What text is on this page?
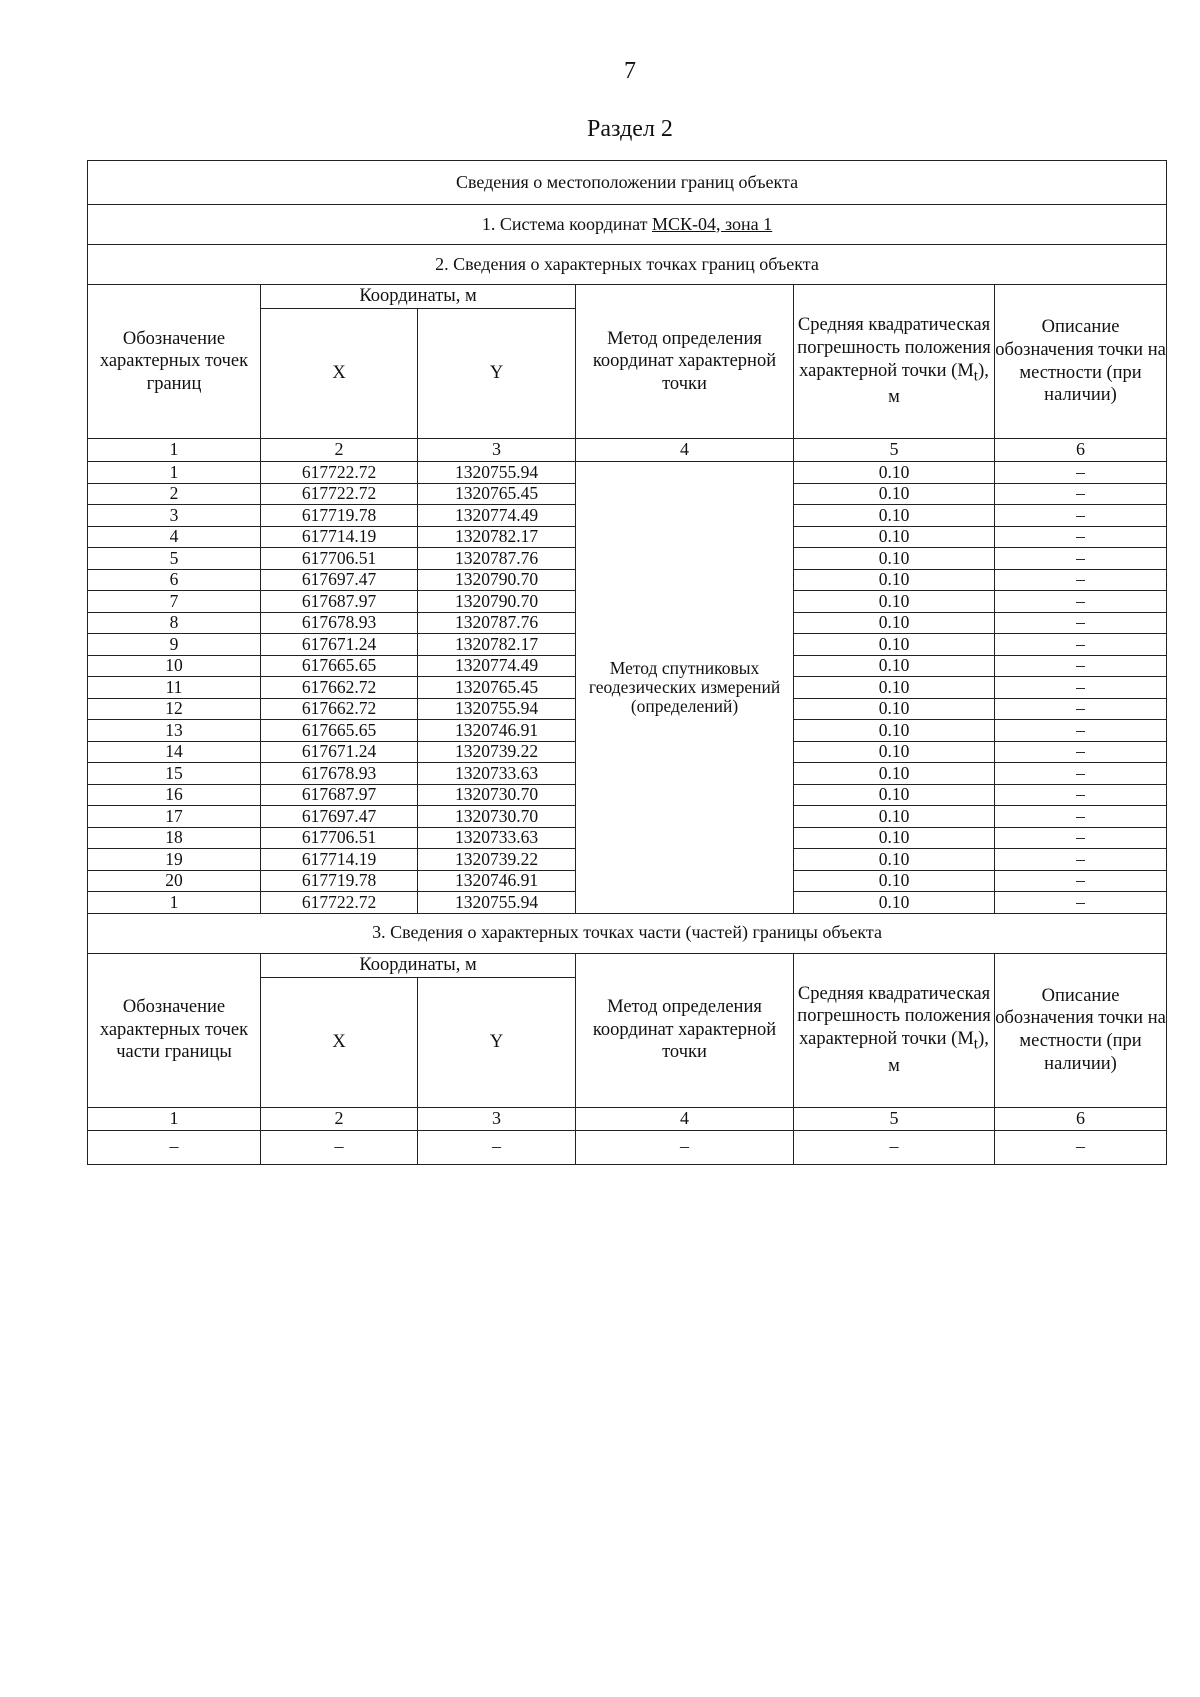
7
Раздел 2
Сведения о местоположении границ объекта					
1. Система координат МСК-04, зона 1					
2. Сведения о характерных точках границ объекта					
Обозначение характерных точек границ	Координаты, м		Метод определения координат характерной точки	Средняя квадратическая погрешность положения характерной точки $(M_t)$, м	Описание обозначения точки на местности (при наличии)
	X	Y			
1	2	3	4	5	6
1	617722.72	1320755.94	Метод спутниковых геодезических измерений (определений)	0.10	–
2	617722.72	1320765.45		0.10	–
3	617719.78	1320774.49		0.10	–
4	617714.19	1320782.17		0.10	–
5	617706.51	1320787.76		0.10	–
6	617697.47	1320790.70		0.10	–
7	617687.97	1320790.70		0.10	–
8	617678.93	1320787.76		0.10	–
9	617671.24	1320782.17		0.10	–
10	617665.65	1320774.49		0.10	–
11	617662.72	1320765.45		0.10	–
12	617662.72	1320755.94		0.10	–
13	617665.65	1320746.91		0.10	–
14	617671.24	1320739.22		0.10	–
15	617678.93	1320733.63		0.10	–
16	617687.97	1320730.70		0.10	–
17	617697.47	1320730.70		0.10	–
18	617706.51	1320733.63		0.10	–
19	617714.19	1320739.22		0.10	–
20	617719.78	1320746.91		0.10	–
1	617722.72	1320755.94		0.10	–
3. Сведения о характерных точках части (частей) границы объекта					
Обозначение характерных точек части границы	Координаты, м		Метод определения координат характерной точки	Средняя квадратическая погрешность положения характерной точки $(M_t)$, м	Описание обозначения точки на местности (при наличии)
	X	Y			
1	2	3	4	5	6
–	–	–	–	–	–
